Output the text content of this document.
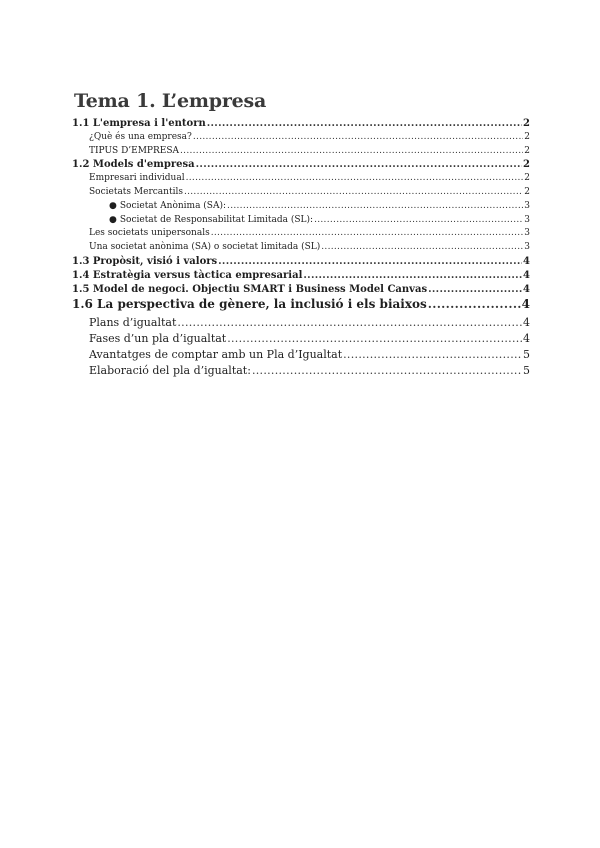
Tema 1. L’empresa
1.1 L'empresa i l'entorn .....	2
¿Què és una empresa? .....	2
TIPUS D’EMPRESA .....	2
1.2 Models d'empresa .....	2
Empresari individual .....	2
Societats Mercantils .....	2
● Societat Anònima (SA): .....	3
● Societat de Responsabilitat Limitada (SL): .....	3
Les societats unipersonals .....	3
Una societat anònima (SA) o societat limitada (SL) .....	3
1.3 Propòsit, visió i valors .....	4
1.4 Estratègia versus tàctica empresarial .....	4
1.5 Model de negoci. Objectiu SMART i Business Model Canvas .....	4
1.6 La perspectiva de gènere, la inclusió i els biaixos .....	4
Plans d’igualtat .....	4
Fases d’un pla d’igualtat .....	4
Avantatges de comptar amb un Pla d’Igualtat .....	5
Elaboració del pla d’igualtat: .....	5
